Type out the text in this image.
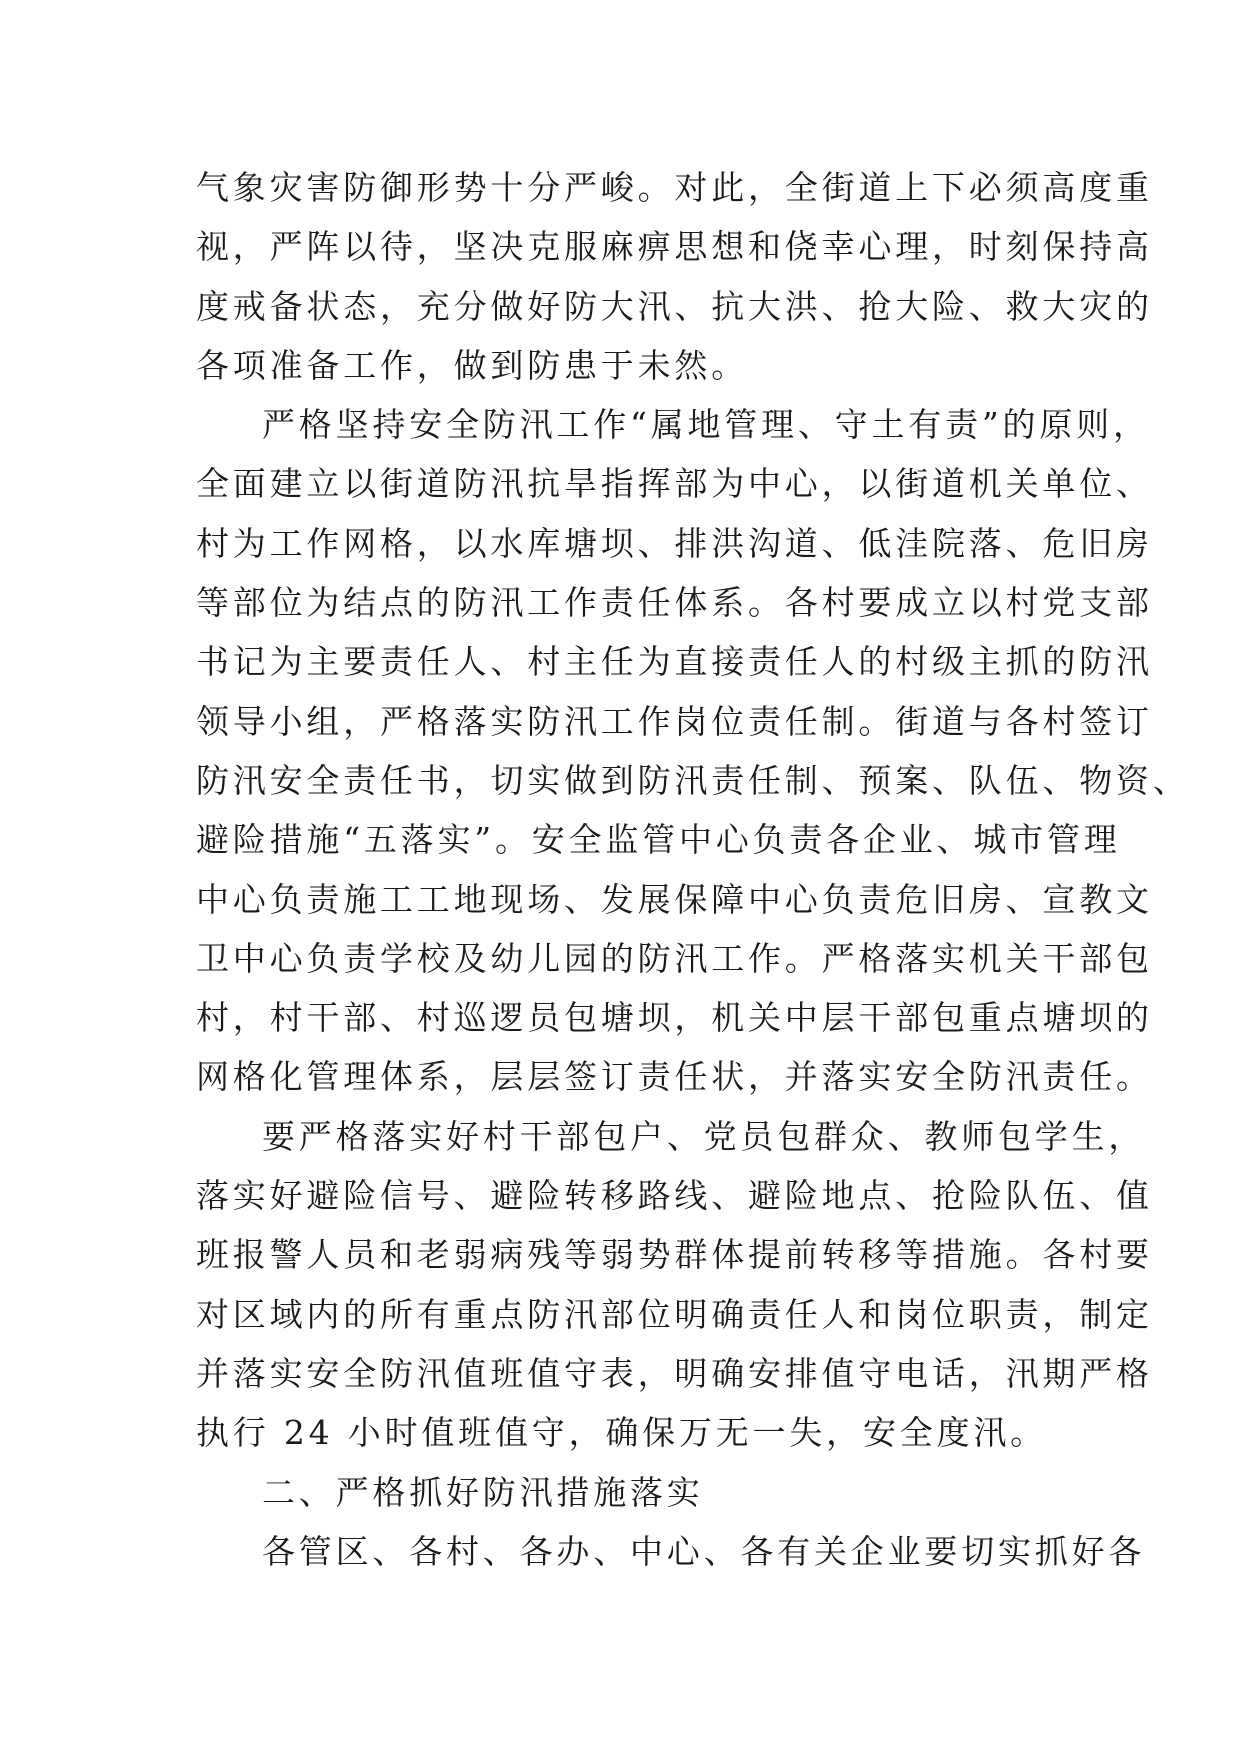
气象灾害防御形势十分严峻。对此，全街道上下必须高度重
视，严阵以待，坚决克服麻痹思想和侥幸心理，时刻保持高
度戒备状态，充分做好防大汛、抗大洪、抢大险、救大灾的
各项准备工作，做到防患于未然。
严格坚持安全防汛工作“属地管理、守土有责”的原则，
全面建立以街道防汛抗旱指挥部为中心，以街道机关单位、
村为工作网格，以水库塘坝、排洪沟道、低洼院落、危旧房
等部位为结点的防汛工作责任体系。各村要成立以村党支部
书记为主要责任人、村主任为直接责任人的村级主抓的防汛
领导小组，严格落实防汛工作岗位责任制。街道与各村签订
防汛安全责任书，切实做到防汛责任制、预案、队伍、物资、
避险措施“五落实”。安全监管中心负责各企业、城市管理
中心负责施工工地现场、发展保障中心负责危旧房、宣教文
卫中心负责学校及幼儿园的防汛工作。严格落实机关干部包
村，村干部、村巡逻员包塘坝，机关中层干部包重点塘坝的
网格化管理体系，层层签订责任状，并落实安全防汛责任。
要严格落实好村干部包户、党员包群众、教师包学生，
落实好避险信号、避险转移路线、避险地点、抢险队伍、值
班报警人员和老弱病残等弱势群体提前转移等措施。各村要
对区域内的所有重点防汛部位明确责任人和岗位职责，制定
并落实安全防汛值班值守表，明确安排值守电话，汛期严格
执行 24 小时值班值守，确保万无一失，安全度汛。
二、严格抓好防汛措施落实
各管区、各村、各办、中心、各有关企业要切实抓好各
